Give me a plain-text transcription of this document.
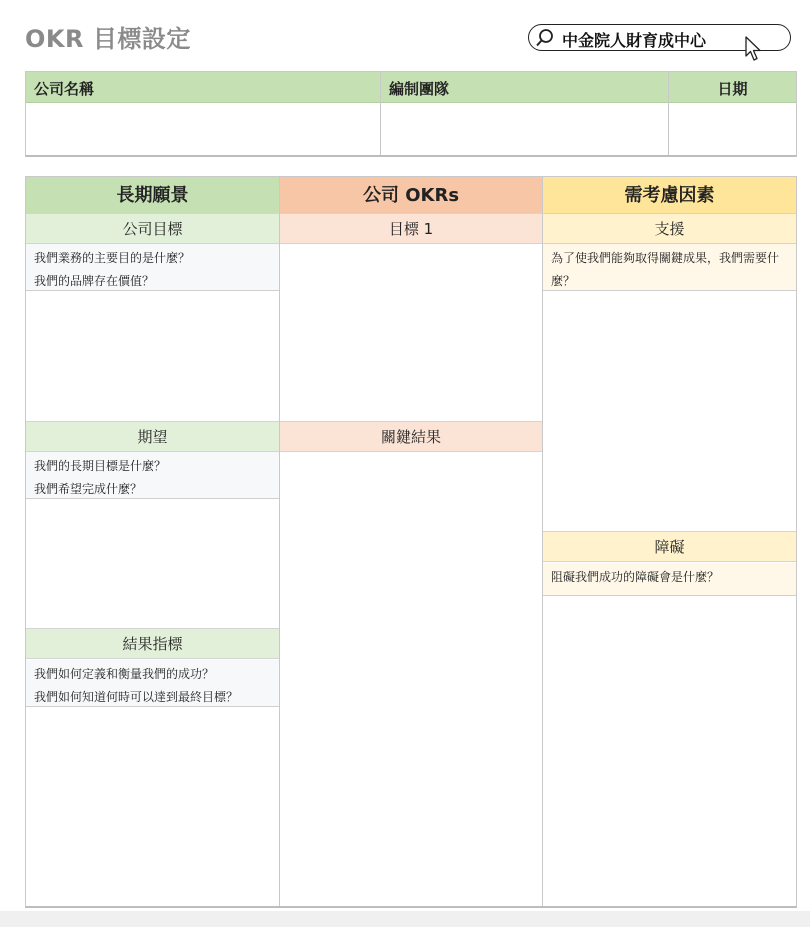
OKR 目標設定	中金院人財育成中心
公司名稱	編制團隊	日期
長期願景
公司目標
我們業務的主要目的是什麼？
我們的品牌存在價值？
期望
我們的長期目標是什麼？
我們希望完成什麼？
結果指標
我們如何定義和衡量我們的成功？
我們如何知道何時可以達到最終目標？
公司 OKRs
目標 1
關鍵結果
需考慮因素
支援
為了使我們能夠取得關鍵成果，我們需要什麼？
障礙
阻礙我們成功的障礙會是什麼？
